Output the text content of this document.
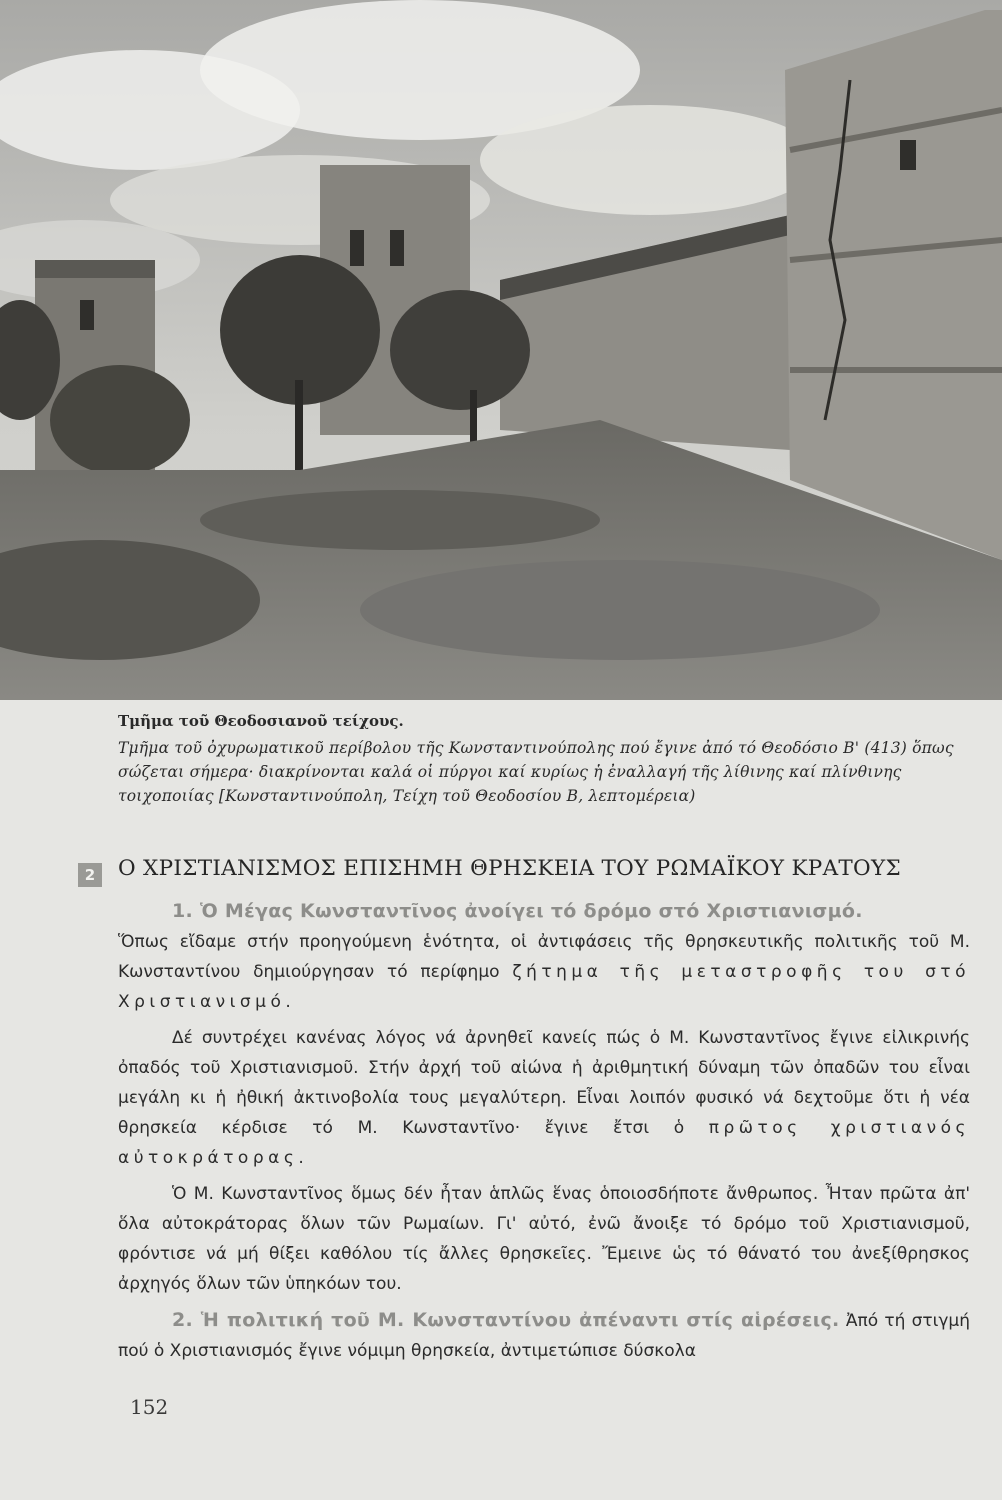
Τμῆμα τοῦ Θεοδοσιανοῦ τείχους.
Τμῆμα τοῦ ὀχυρωματικοῦ περίβολου τῆς Κωνσταντινούπολης πού ἔγινε ἀπό τό Θεοδόσιο Β' (413) ὅπως σώζεται σήμερα· διακρίνονται καλά οἱ πύργοι καί κυρίως ἡ ἐναλλαγή τῆς λίθινης καί πλίνθινης τοιχοποιίας [Κωνσταντινούπολη, Τείχη τοῦ Θεοδοσίου Β, λεπτομέρεια)
2	Ο ΧΡΙΣΤΙΑΝΙΣΜΟΣ ΕΠΙΣΗΜΗ ΘΡΗΣΚΕΙΑ ΤΟΥ ΡΩΜΑΪΚΟΥ ΚΡΑΤΟΥΣ

1. Ὁ Μέγας Κωνσταντῖνος ἀνοίγει τό δρόμο στό Χριστιανισμό.

Ὅπως εἴδαμε στήν προηγούμενη ἑνότητα, οἱ ἀντιφάσεις τῆς θρησκευτικῆς πολιτικῆς τοῦ Μ. Κωνσταντίνου δημιούργησαν τό περίφημο ζήτημα τῆς μεταστροφῆς του στό Χριστιανισμό.

Δέ συντρέχει κανένας λόγος νά ἀρνηθεῖ κανείς πώς ὁ Μ. Κωνσταντῖνος ἔγινε εἰλικρινής ὀπαδός τοῦ Χριστιανισμοῦ. Στήν ἀρχή τοῦ αἰώνα ἡ ἀριθμητική δύναμη τῶν ὀπαδῶν του εἶναι μεγάλη κι ἡ ἠθική ἀκτινοβολία τους μεγαλύτερη. Εἶναι λοιπόν φυσικό νά δεχτοῦμε ὅτι ἡ νέα θρησκεία κέρδισε τό Μ. Κωνσταντῖνο· ἔγινε ἔτσι ὁ πρῶτος χριστιανός αὐτοκράτορας.

Ὁ Μ. Κωνσταντῖνος ὅμως δέν ἦταν ἁπλῶς ἕνας ὁποιοσδήποτε ἄνθρωπος. Ἦταν πρῶτα ἀπ' ὅλα αὐτοκράτορας ὅλων τῶν Ρωμαίων. Γι' αὐτό, ἐνῶ ἄνοιξε τό δρόμο τοῦ Χριστιανισμοῦ, φρόντισε νά μή θίξει καθόλου τίς ἄλλες θρησκεῖες. Ἔμεινε ὡς τό θάνατό του ἀνεξίθρησκος ἀρχηγός ὅλων τῶν ὑπηκόων του.

2. Ἡ πολιτική τοῦ Μ. Κωνσταντίνου ἀπέναντι στίς αἱρέσεις. Ἀπό τή στιγμή πού ὁ Χριστιανισμός ἔγινε νόμιμη θρησκεία, ἀντιμετώπισε δύσκολα

152
